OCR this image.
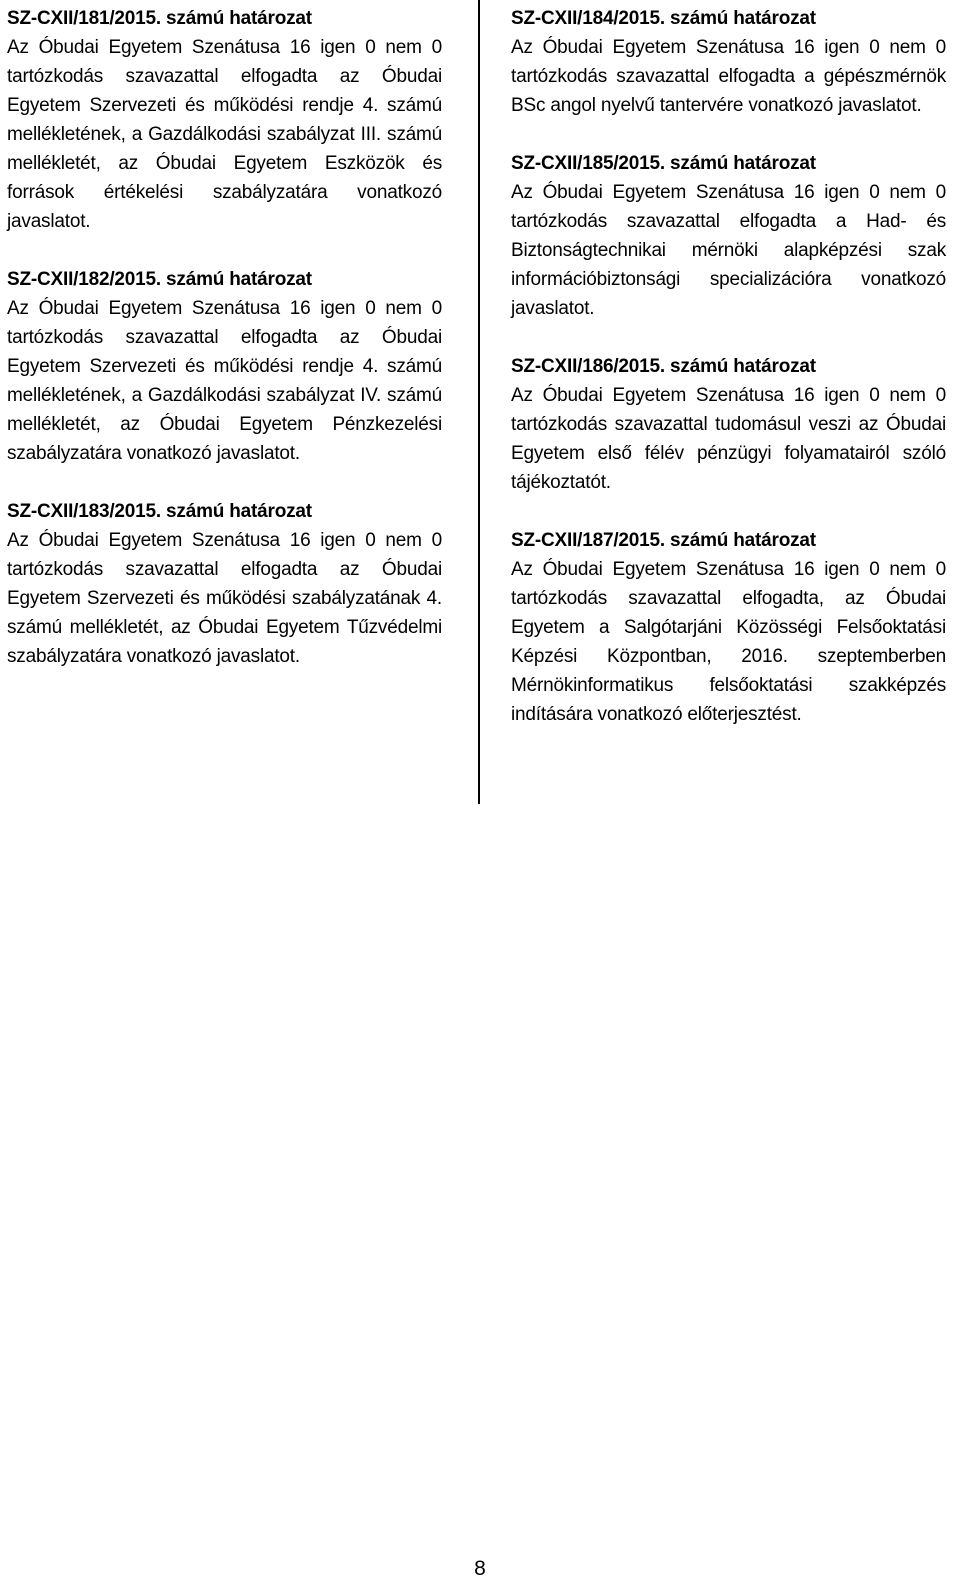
SZ-CXII/181/2015. számú határozat
Az Óbudai Egyetem Szenátusa 16 igen 0 nem 0 tartózkodás szavazattal elfogadta az Óbudai Egyetem Szervezeti és működési rendje 4. számú mellékletének, a Gazdálkodási szabályzat III. számú mellékletét, az Óbudai Egyetem Eszközök és források értékelési szabályzatára vonatkozó javaslatot.
SZ-CXII/182/2015. számú határozat
Az Óbudai Egyetem Szenátusa 16 igen 0 nem 0 tartózkodás szavazattal elfogadta az Óbudai Egyetem Szervezeti és működési rendje 4. számú mellékletének, a Gazdálkodási szabályzat IV. számú mellékletét, az Óbudai Egyetem Pénzkezelési szabályzatára vonatkozó javaslatot.
SZ-CXII/183/2015. számú határozat
Az Óbudai Egyetem Szenátusa 16 igen 0 nem 0 tartózkodás szavazattal elfogadta az Óbudai Egyetem Szervezeti és működési szabályzatának 4. számú mellékletét, az Óbudai Egyetem Tűzvédelmi szabályzatára vonatkozó javaslatot.
SZ-CXII/184/2015. számú határozat
Az Óbudai Egyetem Szenátusa 16 igen 0 nem 0 tartózkodás szavazattal elfogadta a gépészmérnök BSc angol nyelvű tantervére vonatkozó javaslatot.
SZ-CXII/185/2015. számú határozat
Az Óbudai Egyetem Szenátusa 16 igen 0 nem 0 tartózkodás szavazattal elfogadta a Had- és Biztonságtechnikai mérnöki alapképzési szak információbiztonsági specializációra vonatkozó javaslatot.
SZ-CXII/186/2015. számú határozat
Az Óbudai Egyetem Szenátusa 16 igen 0 nem 0 tartózkodás szavazattal tudomásul veszi az Óbudai Egyetem első félév pénzügyi folyamatairól szóló tájékoztatót.
SZ-CXII/187/2015. számú határozat
Az Óbudai Egyetem Szenátusa 16 igen 0 nem 0 tartózkodás szavazattal elfogadta, az Óbudai Egyetem a Salgótarjáni Közösségi Felsőoktatási Képzési Központban, 2016. szeptemberben Mérnökinformatikus felsőoktatási szakképzés indítására vonatkozó előterjesztést.
8
